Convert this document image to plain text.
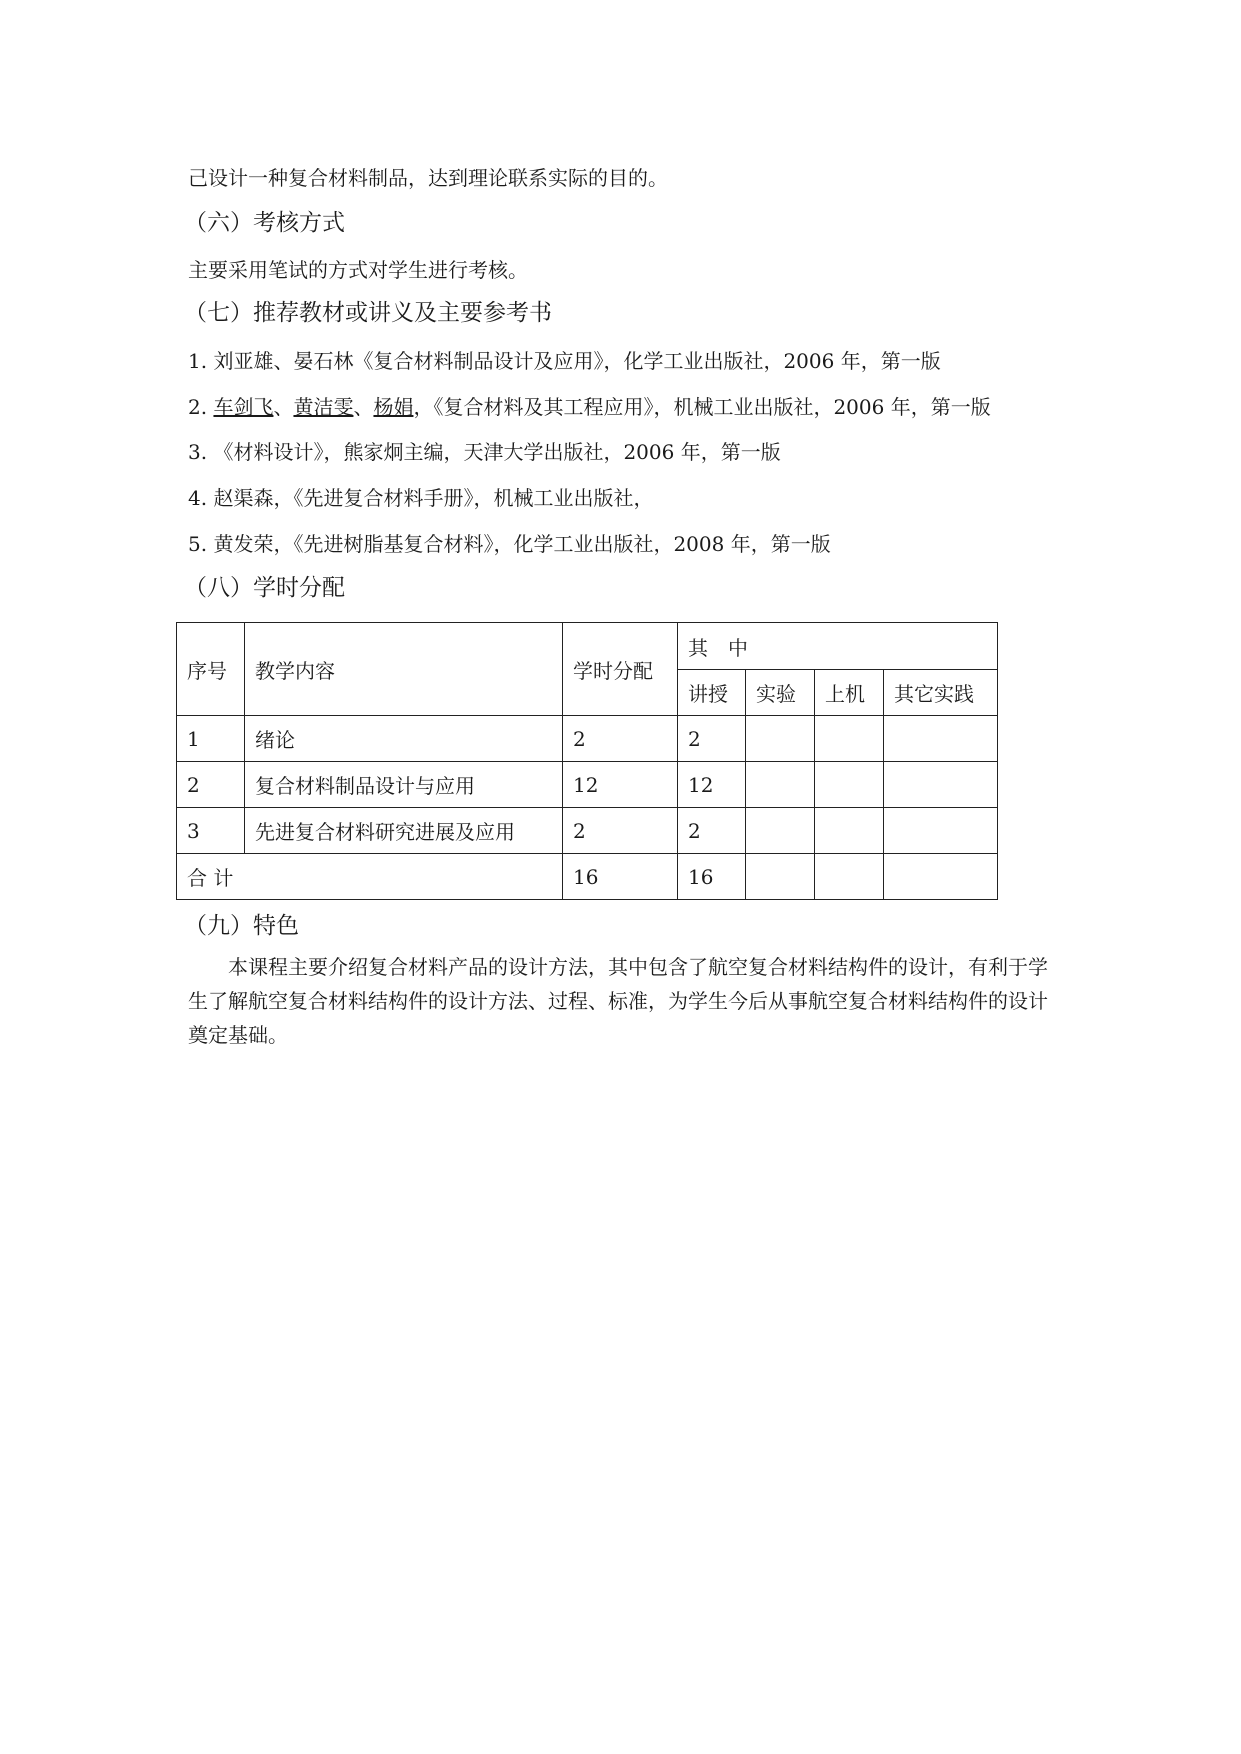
己设计一种复合材料制品，达到理论联系实际的目的。
（六）考核方式
主要采用笔试的方式对学生进行考核。
（七）推荐教材或讲义及主要参考书
1. 刘亚雄、晏石林《复合材料制品设计及应用》，化学工业出版社，2006 年，第一版
2. 车剑飞、黄洁雯、杨娟，《复合材料及其工程应用》，机械工业出版社，2006 年，第一版
3. 《材料设计》，熊家炯主编，天津大学出版社，2006 年，第一版
4. 赵渠森，《先进复合材料手册》，机械工业出版社，
5. 黄发荣，《先进树脂基复合材料》，化学工业出版社，2008 年，第一版
（八）学时分配
序号	教学内容	学时分配	其　中			
			讲授	实验	上机	其它实践
1	绪论	2	2			
2	复合材料制品设计与应用	12	12			
3	先进复合材料研究进展及应用	2	2			
合 计		16	16			
（九）特色

本课程主要介绍复合材料产品的设计方法，其中包含了航空复合材料结构件的设计，有利于学生了解航空复合材料结构件的设计方法、过程、标准，为学生今后从事航空复合材料结构件的设计奠定基础。
